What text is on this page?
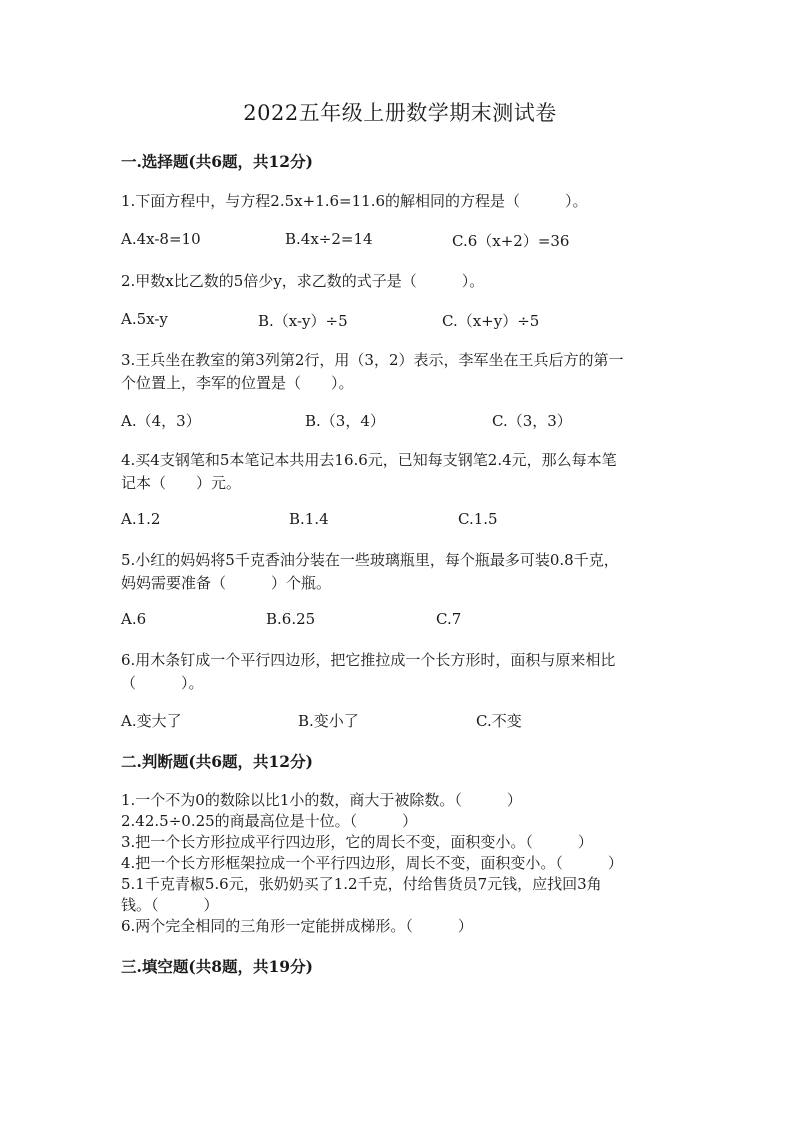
2022五年级上册数学期末测试卷
一.选择题(共6题，共12分)
1.下面方程中，与方程2.5x+1.6=11.6的解相同的方程是（　　　）。
A.4x-8=10	B.4x÷2=14	C.6（x+2）=36
2.甲数x比乙数的5倍少y，求乙数的式子是（　　　）。
A.5x-y	B.（x-y）÷5	C.（x+y）÷5
3.王兵坐在教室的第3列第2行，用（3，2）表示，李军坐在王兵后方的第一
个位置上，李军的位置是（　　）。
A.（4，3）	B.（3，4）	C.（3，3）
4.买4支钢笔和5本笔记本共用去16.6元，已知每支钢笔2.4元，那么每本笔
记本（　　）元。
A.1.2	B.1.4	C.1.5
5.小红的妈妈将5千克香油分装在一些玻璃瓶里，每个瓶最多可装0.8千克，
妈妈需要准备（　　　）个瓶。
A.6	B.6.25	C.7
6.用木条钉成一个平行四边形，把它推拉成一个长方形时，面积与原来相比
（　　　）。
A.变大了	B.变小了	C.不变
二.判断题(共6题，共12分)
1.一个不为0的数除以比1小的数，商大于被除数。（　　　）
2.42.5÷0.25的商最高位是十位。（　　　）
3.把一个长方形拉成平行四边形，它的周长不变，面积变小。（　　　）
4.把一个长方形框架拉成一个平行四边形，周长不变，面积变小。（　　　）
5.1千克青椒5.6元，张奶奶买了1.2千克，付给售货员7元钱，应找回3角
钱。（　　　）
6.两个完全相同的三角形一定能拼成梯形。（　　　）
三.填空题(共8题，共19分)
